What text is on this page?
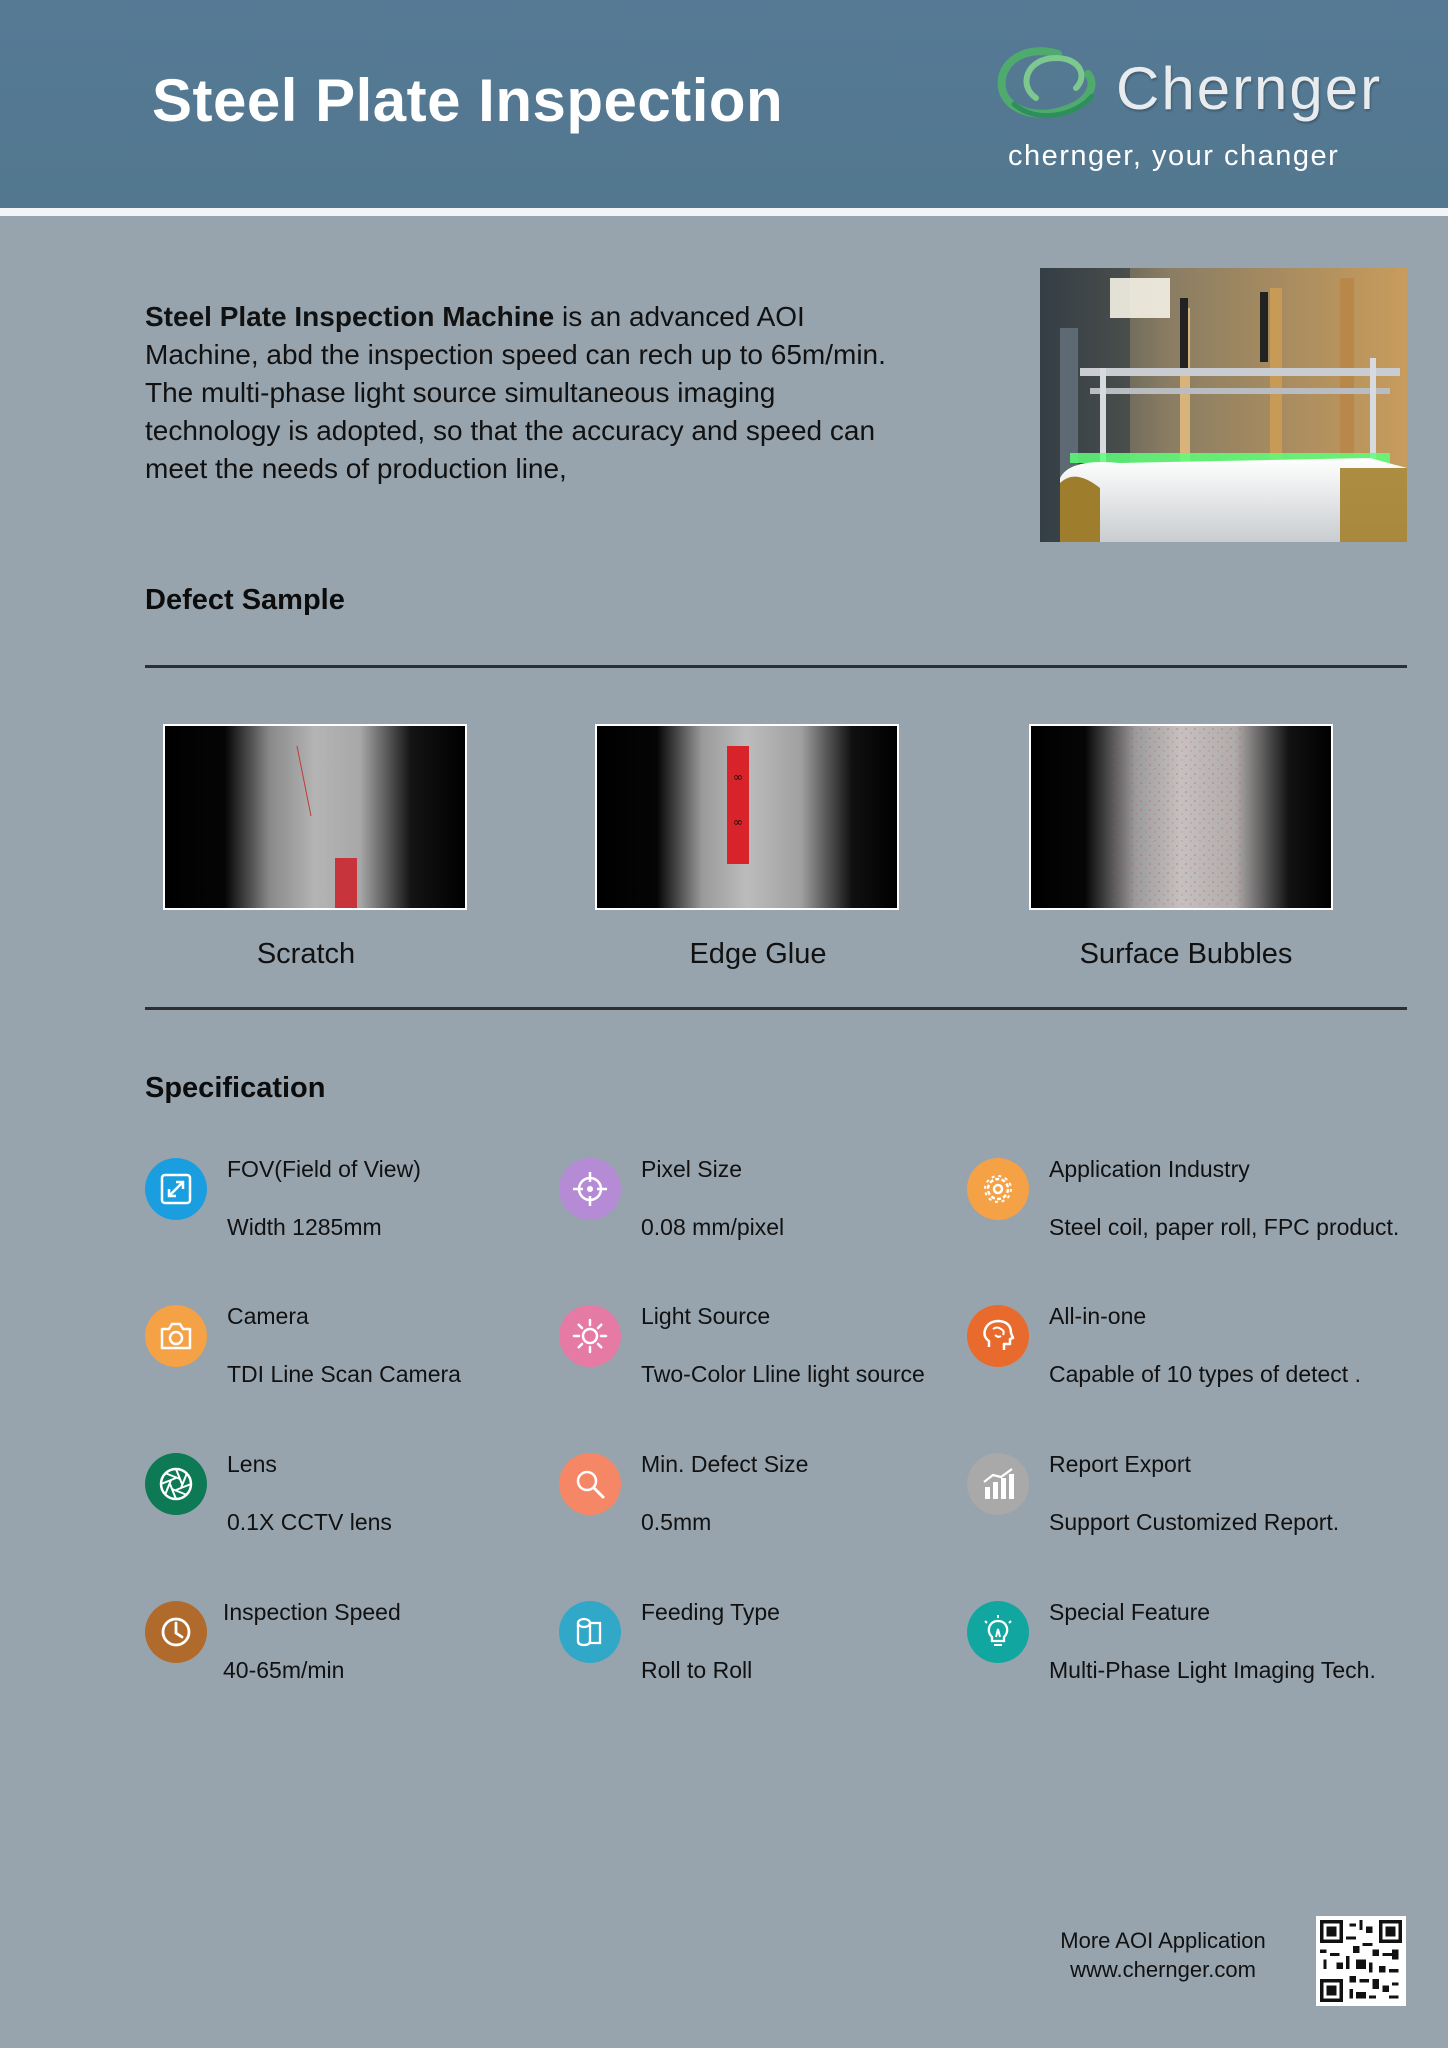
Steel Plate Inspection	Chernger
chernger, your changer
Steel Plate Inspection Machine is an advanced AOI Machine, abd the inspection speed can rech up to 65m/min. The multi-phase light source simultaneous imaging technology is adopted, so that the accuracy and speed can meet the needs of production line,
Defect Sample
∞
∞
Scratch	Edge Glue	Surface Bubbles
Specification
FOV(Field of View)
Width 1285mm
Pixel Size
0.08 mm/pixel
Application Industry
Steel coil, paper roll, FPC product.
Camera
TDI Line Scan Camera
Light Source
Two-Color Lline light source
All-in-one
Capable of 10 types of detect .
Lens
0.1X CCTV lens
Min. Defect Size
0.5mm
Report Export
Support Customized Report.
Inspection Speed
40-65m/min
Feeding Type
Roll to Roll
Special Feature
Multi-Phase Light Imaging Tech.
More AOI Application
www.chernger.com
